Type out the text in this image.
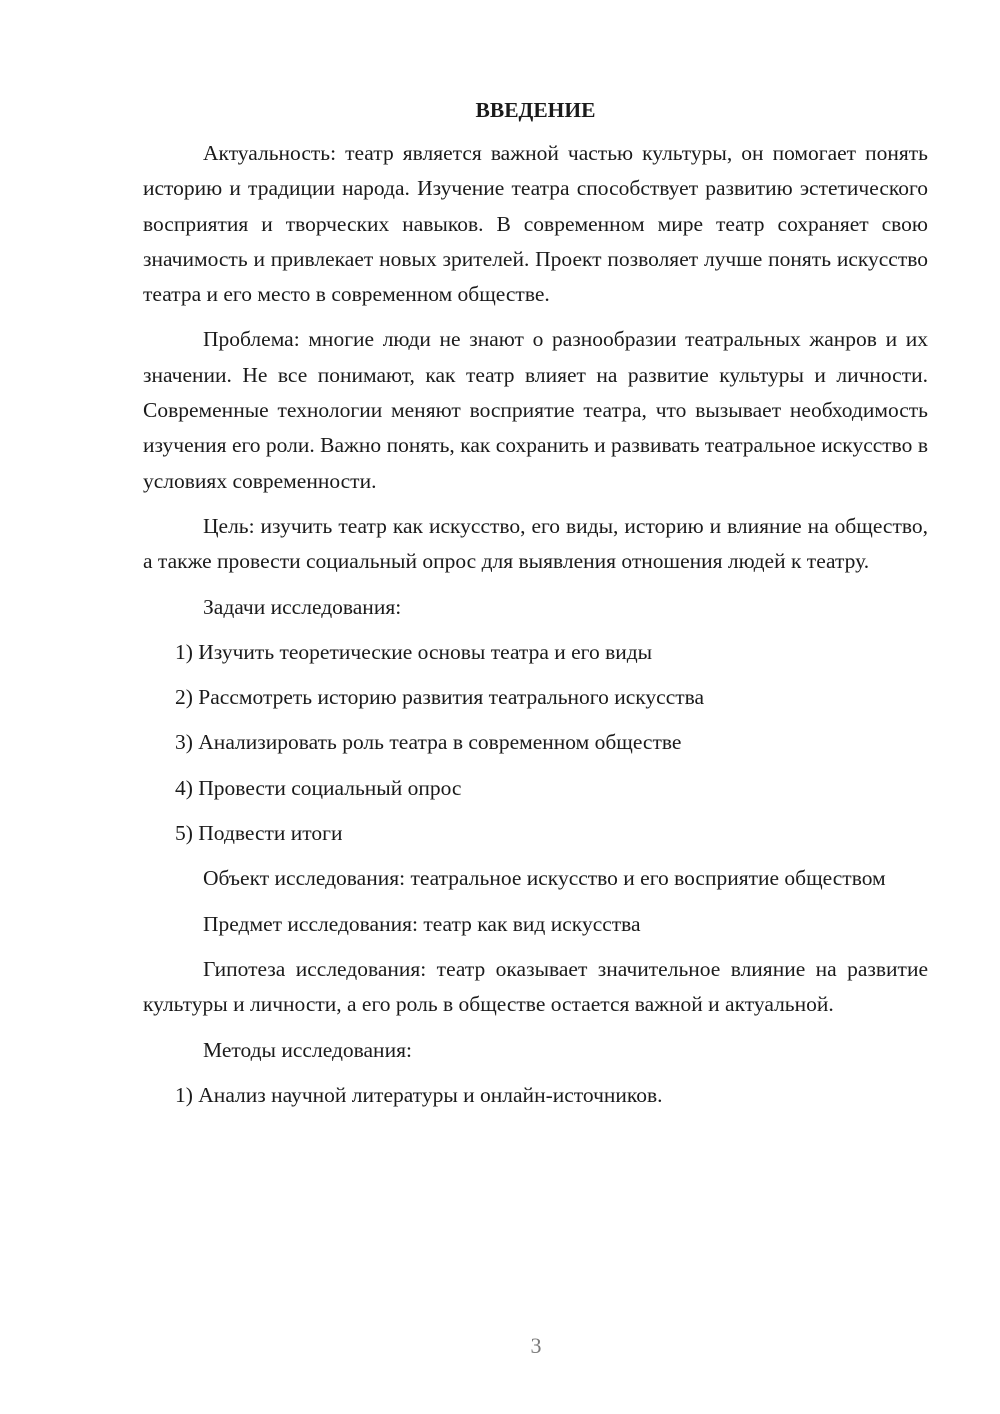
ВВЕДЕНИЕ

Актуальность: театр является важной частью культуры, он помогает понять историю и традиции народа. Изучение театра способствует развитию эстетического восприятия и творческих навыков. В современном мире театр сохраняет свою значимость и привлекает новых зрителей. Проект позволяет лучше понять искусство театра и его место в современном обществе.

Проблема: многие люди не знают о разнообразии театральных жанров и их значении. Не все понимают, как театр влияет на развитие культуры и личности. Современные технологии меняют восприятие театра, что вызывает необходимость изучения его роли. Важно понять, как сохранить и развивать театральное искусство в условиях современности.

Цель: изучить театр как искусство, его виды, историю и влияние на общество, а также провести социальный опрос для выявления отношения людей к театру.

Задачи исследования:

1) Изучить теоретические основы театра и его виды
2) Рассмотреть историю развития театрального искусства
3) Анализировать роль театра в современном обществе
4) Провести социальный опрос
5) Подвести итоги

Объект исследования: театральное искусство и его восприятие обществом

Предмет исследования: театр как вид искусства

Гипотеза исследования: театр оказывает значительное влияние на развитие культуры и личности, а его роль в обществе остается важной и актуальной.

Методы исследования:

1) Анализ научной литературы и онлайн-источников.
3
